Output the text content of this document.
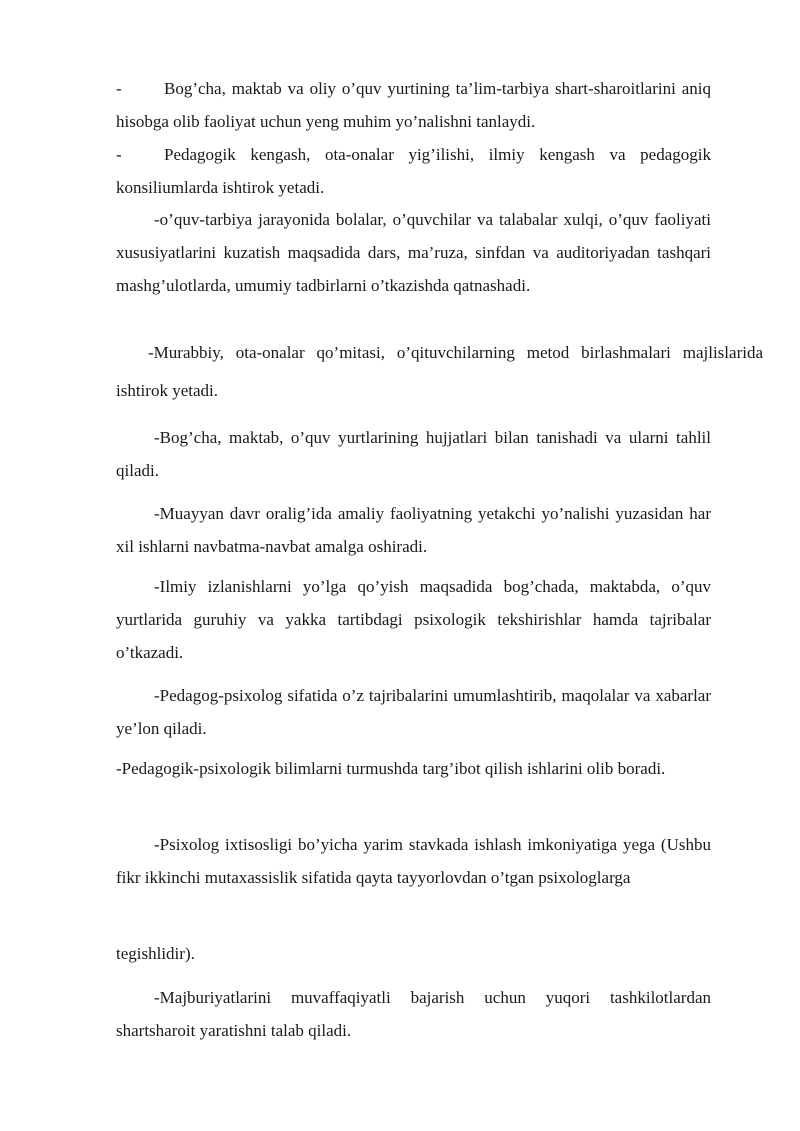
- Bog’cha, maktab va oliy o’quv yurtining ta’lim-tarbiya shart-sharoitlarini aniq hisobga olib faoliyat uchun yeng muhim yo’nalishni tanlaydi.

- Pedagogik kengash, ota-onalar yig’ilishi, ilmiy kengash va pedagogik konsiliumlarda ishtirok yetadi.

-o’quv-tarbiya jarayonida bolalar, o’quvchilar va talabalar xulqi, o’quv faoliyati xususiyatlarini kuzatish maqsadida dars, ma’ruza, sinfdan va auditoriyadan tashqari mashg’ulotlarda, umumiy tadbirlarni o’tkazishda qatnashadi.

-Murabbiy, ota-onalar qo’mitasi, o’qituvchilarning metod birlashmalari majlislarida ishtirok yetadi.

-Bog’cha, maktab, o’quv yurtlarining hujjatlari bilan tanishadi va ularni tahlil qiladi.

-Muayyan davr oralig’ida amaliy faoliyatning yetakchi yo’nalishi yuzasidan har xil ishlarni navbatma-navbat amalga oshiradi.

-Ilmiy izlanishlarni yo’lga qo’yish maqsadida bog’chada, maktabda, o’quv yurtlarida guruhiy va yakka tartibdagi psixologik tekshirishlar hamda tajribalar o’tkazadi.

-Pedagog-psixolog sifatida o’z tajribalarini umumlashtirib, maqolalar va xabarlar ye’lon qiladi.

-Pedagogik-psixologik bilimlarni turmushda targ’ibot qilish ishlarini olib boradi.

-Psixolog ixtisosligi bo’yicha yarim stavkada ishlash imkoniyatiga yega (Ushbu fikr ikkinchi mutaxassislik sifatida qayta tayyorlovdan o’tgan psixologlarga

tegishlidir).

-Majburiyatlarini muvaffaqiyatli bajarish uchun yuqori tashkilotlardan shartsharoit yaratishni talab qiladi.
